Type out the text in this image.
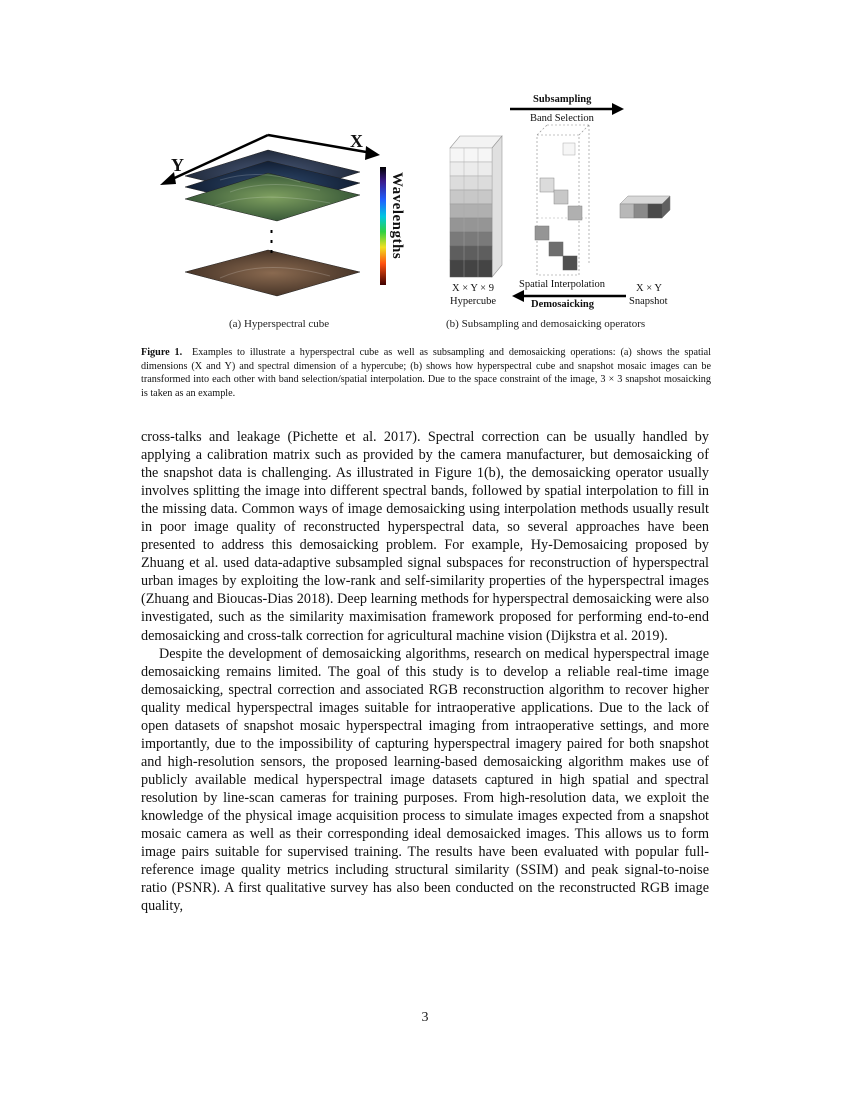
X
Y
Wavelengths
(a) Hyperspectral cube
Subsampling
Band Selection
Spatial Interpolation
Demosaicking
X × Y × 9
Hypercube
X × Y
Snapshot
(b) Subsampling and demosaicking operators
Figure 1. Examples to illustrate a hyperspectral cube as well as subsampling and demosaicking operations: (a) shows the spatial dimensions (X and Y) and spectral dimension of a hypercube; (b) shows how hyperspectral cube and snapshot mosaic images can be transformed into each other with band selection/spatial interpolation. Due to the space constraint of the image, 3 × 3 snapshot mosaicking is taken as an example.

cross-talks and leakage (Pichette et al. 2017). Spectral correction can be usually handled by applying a calibration matrix such as provided by the camera manufacturer, but demosaicking of the snapshot data is challenging. As illustrated in Figure 1(b), the demosaicking operator usually involves splitting the image into different spectral bands, followed by spatial interpolation to fill in the missing data. Common ways of image demosaicking using interpolation methods usually result in poor image quality of reconstructed hyperspectral data, so several approaches have been presented to address this demosaicking problem. For example, Hy-Demosaicing proposed by Zhuang et al. used data-adaptive subsampled signal subspaces for reconstruction of hyperspectral urban images by exploiting the low-rank and self-similarity properties of the hyperspectral images (Zhuang and Bioucas-Dias 2018). Deep learning methods for hyperspectral demosaicking were also investigated, such as the similarity maximisation framework proposed for performing end-to-end demosaicking and cross-talk correction for agricultural machine vision (Dijkstra et al. 2019).

Despite the development of demosaicking algorithms, research on medical hyperspectral image demosaicking remains limited. The goal of this study is to develop a reliable real-time image demosaicking, spectral correction and associated RGB reconstruction algorithm to recover higher quality medical hyperspectral images suitable for intraoperative applications. Due to the lack of open datasets of snapshot mosaic hyperspectral imaging from intraoperative settings, and more importantly, due to the impossibility of capturing hyperspectral imagery paired for both snapshot and high-resolution sensors, the proposed learning-based demosaicking algorithm makes use of publicly available medical hyperspectral image datasets captured in high spatial and spectral resolution by line-scan cameras for training purposes. From high-resolution data, we exploit the knowledge of the physical image acquisition process to simulate images expected from a snapshot mosaic camera as well as their corresponding ideal demosaicked images. This allows us to form image pairs suitable for supervised training. The results have been evaluated with popular full-reference image quality metrics including structural similarity (SSIM) and peak signal-to-noise ratio (PSNR). A first qualitative survey has also been conducted on the reconstructed RGB image quality,

3
